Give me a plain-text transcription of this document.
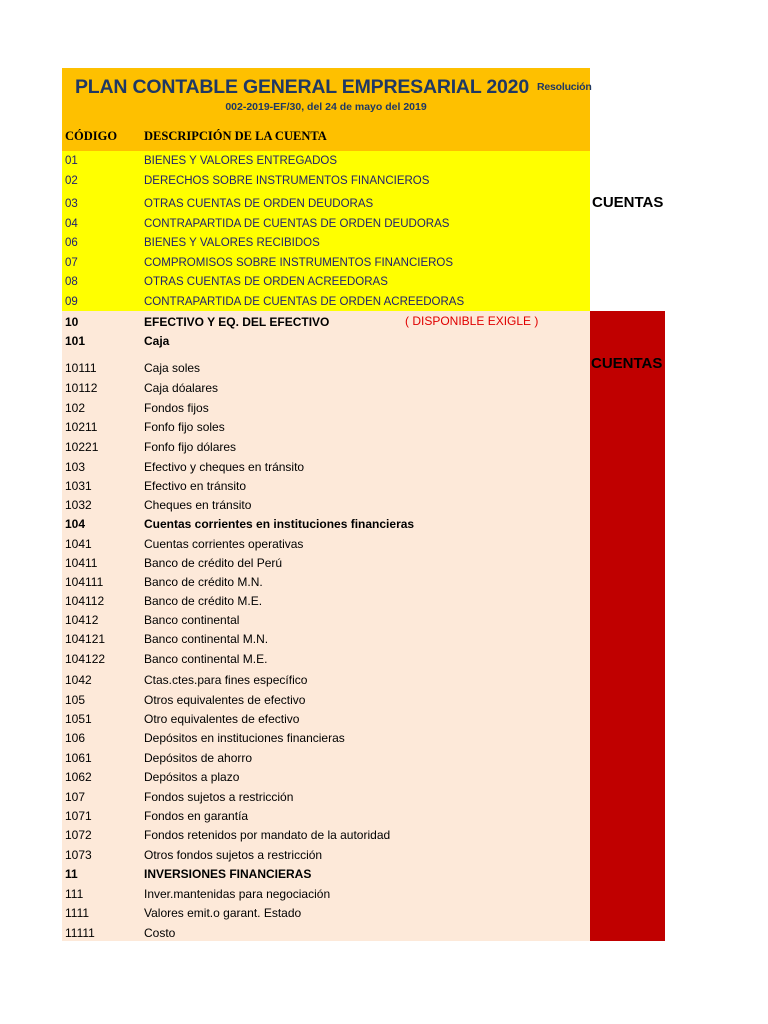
PLAN CONTABLE GENERAL EMPRESARIAL 2020 Resolución
002-2019-EF/30, del 24 de mayo del 2019
CÓDIGO DESCRIPCIÓN DE LA CUENTA
CUENTAS
CUENTAS
01	BIENES Y VALORES ENTREGADOS
02	DERECHOS SOBRE INSTRUMENTOS FINANCIEROS
03	OTRAS CUENTAS DE ORDEN DEUDORAS
04	CONTRAPARTIDA DE CUENTAS DE ORDEN DEUDORAS
06	BIENES Y VALORES RECIBIDOS
07	COMPROMISOS SOBRE INSTRUMENTOS FINANCIEROS
08	OTRAS CUENTAS DE ORDEN ACREEDORAS
09	CONTRAPARTIDA DE CUENTAS DE ORDEN ACREEDORAS
10	EFECTIVO Y EQ. DEL EFECTIVO
101	Caja
10111	Caja soles
10112	Caja dóalares
102	Fondos fijos
10211	Fonfo fijo soles
10221	Fonfo fijo dólares
103	Efectivo y cheques en tránsito
1031	Efectivo en tránsito
1032	Cheques en tránsito
104	Cuentas corrientes en instituciones financieras
1041	Cuentas corrientes operativas
10411	Banco de crédito del Perú
104111	Banco de crédito M.N.
104112	Banco de crédito M.E.
10412	Banco continental
104121	Banco continental M.N.
104122	Banco continental M.E.
1042	Ctas.ctes.para fines específico
105	Otros equivalentes de efectivo
1051	Otro equivalentes de efectivo
106	Depósitos en instituciones financieras
1061	Depósitos de ahorro
1062	Depósitos a plazo
107	Fondos sujetos a restricción
1071	Fondos en garantía
1072	Fondos retenidos por mandato de la autoridad
1073	Otros fondos sujetos a restricción
11	INVERSIONES FINANCIERAS
111	Inver.mantenidas para negociación
1111	Valores emit.o garant. Estado
11111	Costo
( DISPONIBLE EXIGLE )
